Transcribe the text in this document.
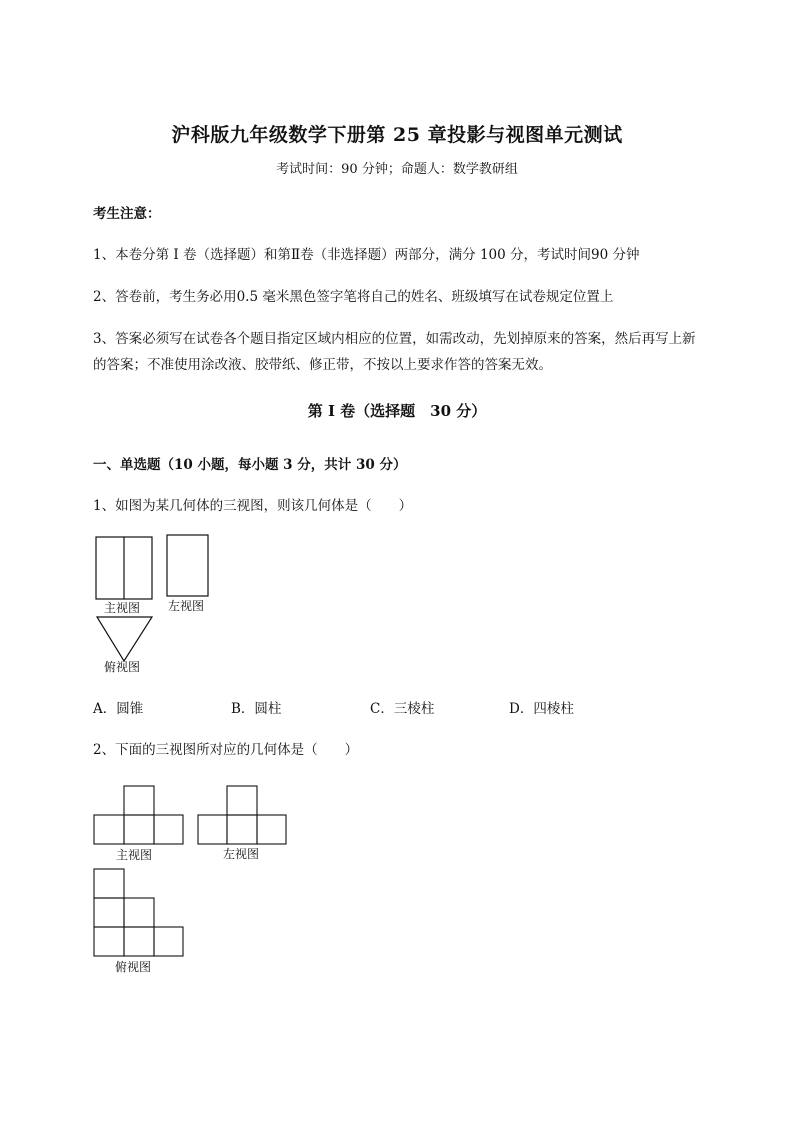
沪科版九年级数学下册第 25 章投影与视图单元测试
考试时间：90 分钟；命题人：数学教研组
考生注意：
1、本卷分第 I 卷（选择题）和第Ⅱ卷（非选择题）两部分，满分 100 分，考试时间90 分钟
2、答卷前，考生务必用0.5 毫米黑色签字笔将自己的姓名、班级填写在试卷规定位置上
3、答案必须写在试卷各个题目指定区域内相应的位置，如需改动，先划掉原来的答案，然后再写上新
的答案；不准使用涂改液、胶带纸、修正带，不按以上要求作答的答案无效。
第 I 卷（选择题　30 分）
一、单选题（10 小题，每小题 3 分，共计 30 分）
1、如图为某几何体的三视图，则该几何体是（　　）
主视图 左视图
俯视图
A．圆锥	B．圆柱	C．三棱柱	D．四棱柱
2、下面的三视图所对应的几何体是（　　）
主视图	左视图
俯视图
